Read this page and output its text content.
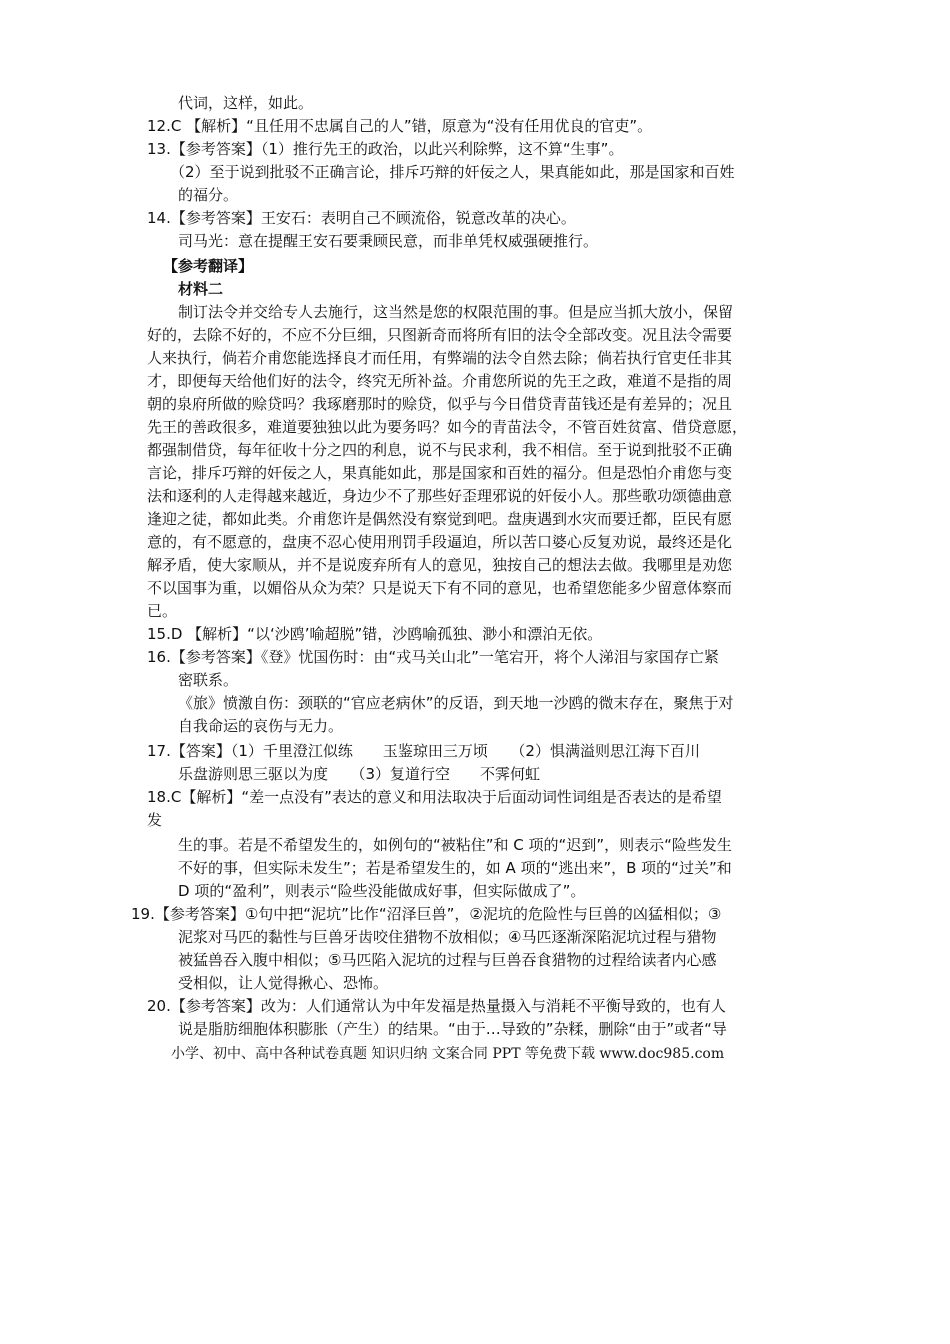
代词，这样，如此。
12.C 【解析】“且任用不忠属自己的人”错，原意为“没有任用优良的官吏”。
13.【参考答案】（1）推行先王的政治，以此兴利除弊，这不算“生事”。
（2）至于说到批驳不正确言论，排斥巧辩的奸佞之人，果真能如此，那是国家和百姓
的福分。
14.【参考答案】王安石：表明自己不顾流俗，锐意改革的决心。
司马光：意在提醒王安石要秉顾民意，而非单凭权威强硬推行。
【参考翻译】
材料二
制订法令并交给专人去施行，这当然是您的权限范围的事。但是应当抓大放小，保留
好的，去除不好的，不应不分巨细，只图新奇而将所有旧的法令全部改变。况且法令需要
人来执行，倘若介甫您能选择良才而任用，有弊端的法令自然去除；倘若执行官吏任非其
才，即便每天给他们好的法令，终究无所补益。介甫您所说的先王之政，难道不是指的周
朝的泉府所做的赊贷吗？我琢磨那时的赊贷，似乎与今日借贷青苗钱还是有差异的；况且
先王的善政很多，难道要独独以此为要务吗？如今的青苗法令，不管百姓贫富、借贷意愿，
都强制借贷，每年征收十分之四的利息，说不与民求利，我不相信。至于说到批驳不正确
言论，排斥巧辩的奸佞之人，果真能如此，那是国家和百姓的福分。但是恐怕介甫您与变
法和逐利的人走得越来越近，身边少不了那些好歪理邪说的奸佞小人。那些歌功颂德曲意
逢迎之徒，都如此类。介甫您许是偶然没有察觉到吧。盘庚遇到水灾而要迁都，臣民有愿
意的，有不愿意的，盘庚不忍心使用刑罚手段逼迫，所以苦口婆心反复劝说，最终还是化
解矛盾，使大家顺从，并不是说废弃所有人的意见，独按自己的想法去做。我哪里是劝您
不以国事为重，以媚俗从众为荣？只是说天下有不同的意见，也希望您能多少留意体察而
已。
15.D 【解析】“以‘沙鸥’喻超脱”错，沙鸥喻孤独、渺小和漂泊无依。
16.【参考答案】《登》忧国伤时：由“戎马关山北”一笔宕开，将个人涕泪与家国存亡紧
密联系。
《旅》愤激自伤：颈联的“官应老病休”的反语，到天地一沙鸥的微末存在，聚焦于对
自我命运的哀伤与无力。
17.【答案】（1）千里澄江似练　　玉鉴琼田三万顷　　（2）惧满溢则思江海下百川
乐盘游则思三驱以为度　　（3）复道行空　　不霁何虹
18.C【解析】“差一点没有”表达的意义和用法取决于后面动词性词组是否表达的是希望
发
生的事。若是不希望发生的，如例句的“被粘住”和 C 项的“迟到”，则表示“险些发生
不好的事，但实际未发生”；若是希望发生的，如 A 项的“逃出来”，B 项的“过关”和
D 项的“盈利”，则表示“险些没能做成好事，但实际做成了”。
19.【参考答案】①句中把“泥坑”比作“沼泽巨兽”，②泥坑的危险性与巨兽的凶猛相似；③
泥浆对马匹的黏性与巨兽牙齿咬住猎物不放相似；④马匹逐渐深陷泥坑过程与猎物
被猛兽吞入腹中相似；⑤马匹陷入泥坑的过程与巨兽吞食猎物的过程给读者内心感
受相似，让人觉得揪心、恐怖。
20.【参考答案】改为：人们通常认为中年发福是热量摄入与消耗不平衡导致的，也有人
说是脂肪细胞体积膨胀（产生）的结果。“由于…导致的”杂糅，删除“由于”或者“导
小学、初中、高中各种试卷真题 知识归纳 文案合同 PPT 等免费下载 www.doc985.com
